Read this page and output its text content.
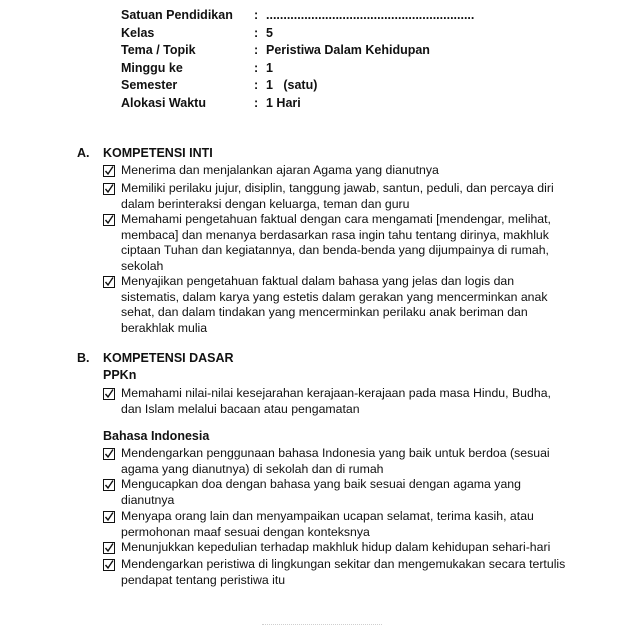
Satuan Pendidikan	: ............................................................
Kelas	: 5
Tema / Topik	: Peristiwa Dalam Kehidupan
Minggu ke	: 1
Semester	: 1   (satu)
Alokasi Waktu	: 1 Hari
A.	KOMPETENSI INTI
Menerima dan menjalankan ajaran Agama yang dianutnya
Memiliki perilaku jujur, disiplin, tanggung jawab, santun, peduli, dan percaya diri dalam berinteraksi dengan keluarga, teman dan guru
Memahami pengetahuan faktual dengan cara mengamati [mendengar, melihat, membaca] dan menanya berdasarkan rasa ingin tahu tentang dirinya, makhluk ciptaan Tuhan dan kegiatannya, dan benda-benda yang dijumpainya di rumah, sekolah
Menyajikan pengetahuan faktual dalam bahasa yang jelas dan logis dan sistematis, dalam karya yang estetis dalam gerakan yang mencerminkan anak sehat, dan dalam tindakan yang mencerminkan perilaku anak beriman dan berakhlak mulia
B.	KOMPETENSI DASAR
PPKn
Memahami nilai-nilai kesejarahan kerajaan-kerajaan pada masa Hindu, Budha, dan Islam melalui bacaan atau pengamatan
Bahasa Indonesia
Mendengarkan penggunaan bahasa Indonesia yang baik untuk berdoa (sesuai agama yang dianutnya) di sekolah dan di rumah
Mengucapkan doa dengan bahasa yang baik sesuai dengan agama yang dianutnya
Menyapa orang lain dan menyampaikan ucapan selamat, terima kasih, atau permohonan maaf sesuai dengan konteksnya
Menunjukkan kepedulian terhadap makhluk hidup dalam kehidupan sehari-hari
Mendengarkan peristiwa di lingkungan sekitar dan mengemukakan secara tertulis pendapat tentang peristiwa itu
